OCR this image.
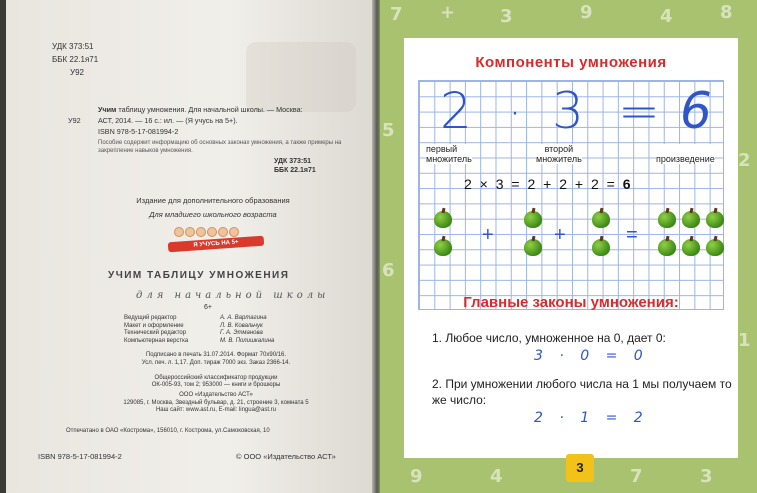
УДК 373:51
ББК 22.1я71
У92
Учим таблицу умножения. Для начальной школы. — Москва:
У92	АСТ, 2014. — 16 с.: ил. — (Я учусь на 5+).
ISBN 978-5-17-081994-2
Пособие содержит информацию об основных законах умножения, а также примеры на закрепление навыков умножения.
УДК 373:51
ББК 22.1я71
Издание для дополнительного образования
Для младшего школьного возраста
Я УЧУСЬ НА 5+
УЧИМ ТАБЛИЦУ УМНОЖЕНИЯ
для начальной школы
6+
Ведущий редактор	А. А. Вартагина
Макет и оформление	Л. В. Ковальчук
Технический редактор	Г. А. Этманова
Компьютерная верстка	М. В. Полишкалина
Подписано в печать 31.07.2014. Формат 70х90/16.
Усл. печ. л. 1,17. Доп. тираж 7000 экз. Заказ 2366-14.

Общероссийский классификатор продукции
ОК-005-93, том 2; 953000 — книги и брошюры
ООО «Издательство АСТ»
129085, г. Москва, Звездный бульвар, д. 21, строение 3, комната 5
Наш сайт: www.ast.ru, E-mail: lingua@ast.ru
Отпечатано в ОАО «Кострома», 156010, г. Кострома, ул.Самоковская, 10
ISBN 978-5-17-081994-2	© ООО «Издательство АСТ»
7 + 3	9	4	8
5
6
2
1
9	4	7	3
Компоненты умножения
2 · 3 = 6
первый
множитель
второй
множитель	произведение
2 × 3 = 2 + 2 + 2 = 6
+	+	=
Главные законы умножения:
1. Любое число, умноженное на 0, дает 0:
3 · 0 = 0
2. При умножении любого числа на 1 мы получаем то же число:
2 · 1 = 2
3
